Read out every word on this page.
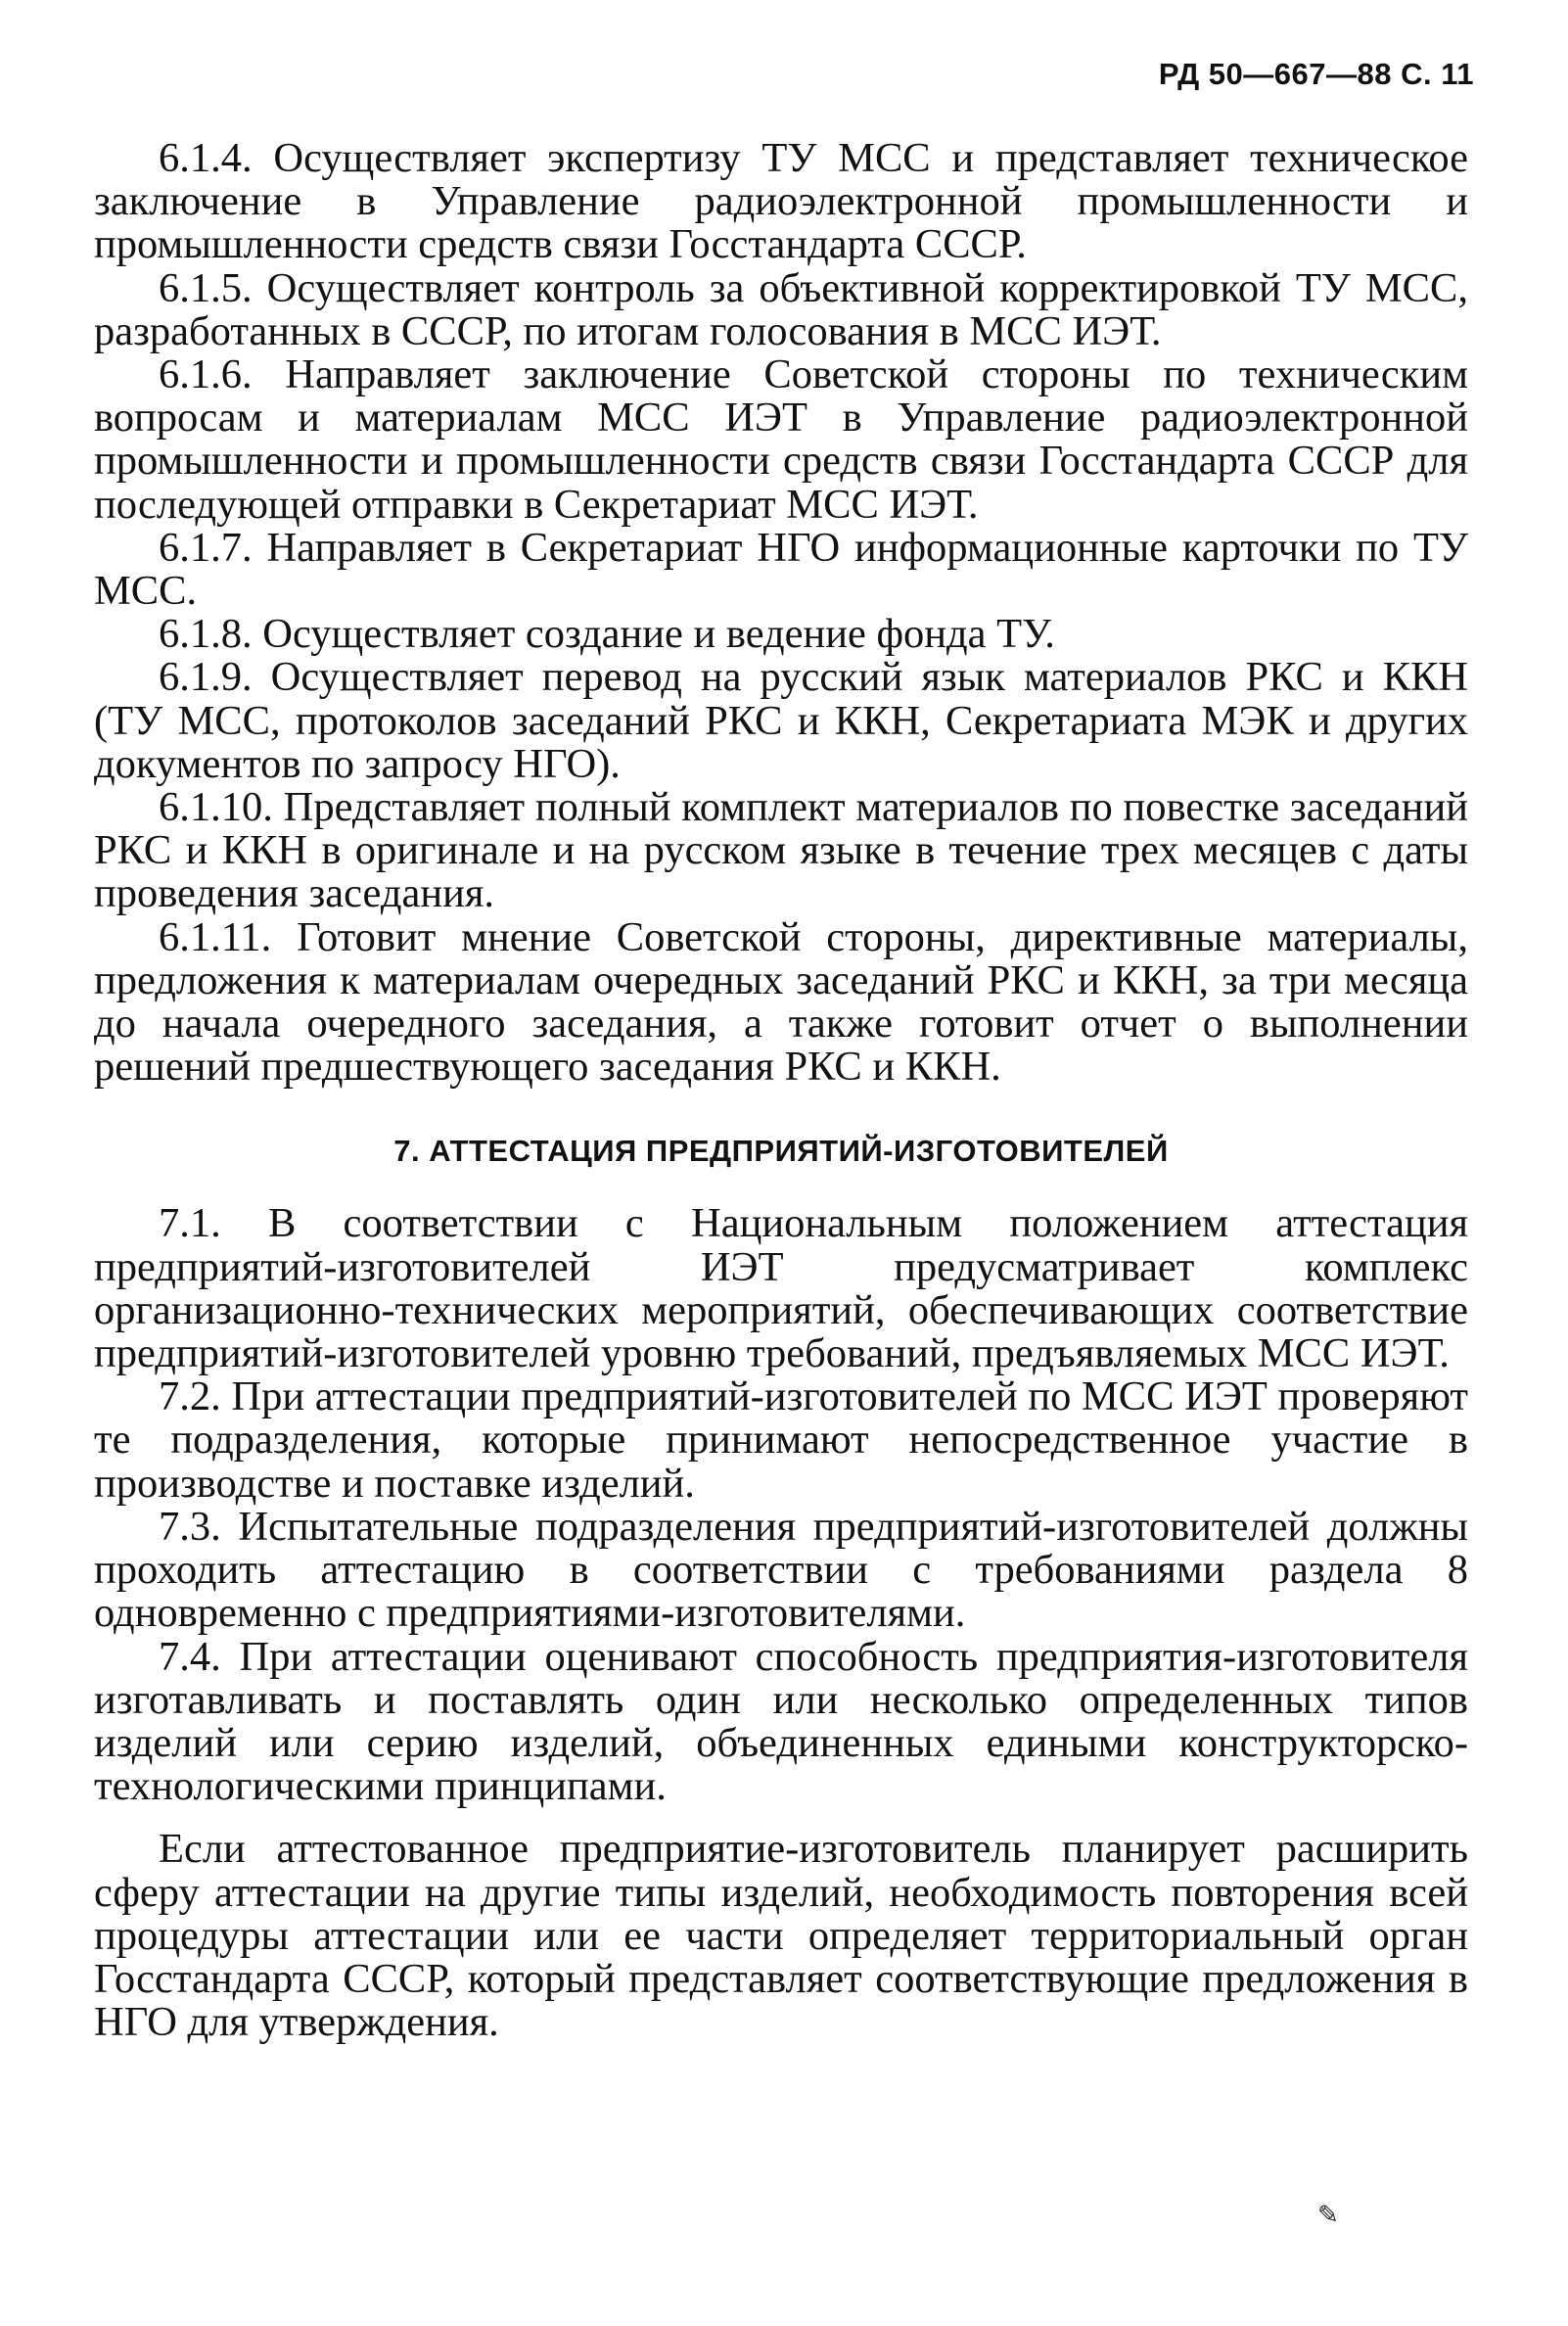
РД 50—667—88 С. 11

6.1.4. Осуществляет экспертизу ТУ МСС и представляет техническое заключение в Управление радиоэлектронной промышленности и промышленности средств связи Госстандарта СССР.

6.1.5. Осуществляет контроль за объективной корректировкой ТУ МСС, разработанных в СССР, по итогам голосования в МСС ИЭТ.

6.1.6. Направляет заключение Советской стороны по техническим вопросам и материалам МСС ИЭТ в Управление радиоэлектронной промышленности и промышленности средств связи Госстандарта СССР для последующей отправки в Секретариат МСС ИЭТ.

6.1.7. Направляет в Секретариат НГО информационные карточки по ТУ МСС.

6.1.8. Осуществляет создание и ведение фонда ТУ.

6.1.9. Осуществляет перевод на русский язык материалов РКС и ККН (ТУ МСС, протоколов заседаний РКС и ККН, Секретариата МЭК и других документов по запросу НГО).

6.1.10. Представляет полный комплект материалов по повестке заседаний РКС и ККН в оригинале и на русском языке в течение трех месяцев с даты проведения заседания.

6.1.11. Готовит мнение Советской стороны, директивные материалы, предложения к материалам очередных заседаний РКС и ККН, за три месяца до начала очередного заседания, а также готовит отчет о выполнении решений предшествующего заседания РКС и ККН.

7. АТТЕСТАЦИЯ ПРЕДПРИЯТИЙ-ИЗГОТОВИТЕЛЕЙ

7.1. В соответствии с Национальным положением аттестация предприятий-изготовителей ИЭТ предусматривает комплекс организационно-технических мероприятий, обеспечивающих соответствие предприятий-изготовителей уровню требований, предъявляемых МСС ИЭТ.

7.2. При аттестации предприятий-изготовителей по МСС ИЭТ проверяют те подразделения, которые принимают непосредственное участие в производстве и поставке изделий.

7.3. Испытательные подразделения предприятий-изготовителей должны проходить аттестацию в соответствии с требованиями раздела 8 одновременно с предприятиями-изготовителями.

7.4. При аттестации оценивают способность предприятия-изготовителя изготавливать и поставлять один или несколько определенных типов изделий или серию изделий, объединенных едиными конструкторско-технологическими принципами.

Если аттестованное предприятие-изготовитель планирует расширить сферу аттестации на другие типы изделий, необходимость повторения всей процедуры аттестации или ее части определяет территориальный орган Госстандарта СССР, который представляет соответствующие предложения в НГО для утверждения.

✎
